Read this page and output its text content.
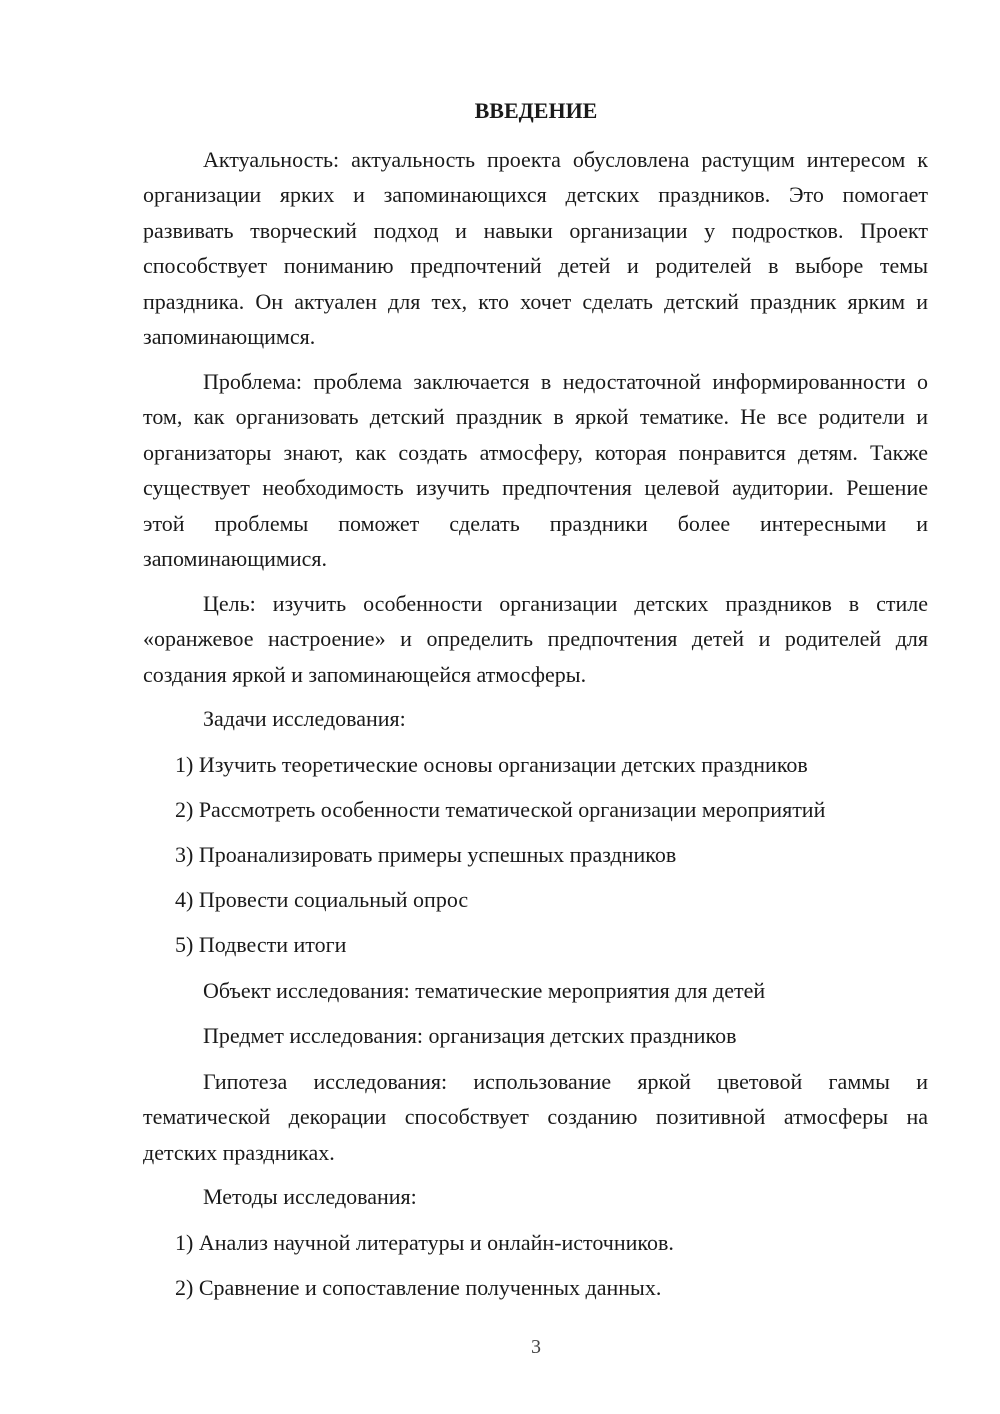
ВВЕДЕНИЕ

Актуальность: актуальность проекта обусловлена растущим интересом к организации ярких и запоминающихся детских праздников. Это помогает развивать творческий подход и навыки организации у подростков. Проект способствует пониманию предпочтений детей и родителей в выборе темы праздника. Он актуален для тех, кто хочет сделать детский праздник ярким и запоминающимся.

Проблема: проблема заключается в недостаточной информированности о том, как организовать детский праздник в яркой тематике. Не все родители и организаторы знают, как создать атмосферу, которая понравится детям. Также существует необходимость изучить предпочтения целевой аудитории. Решение этой проблемы поможет сделать праздники более интересными и запоминающимися.

Цель: изучить особенности организации детских праздников в стиле «оранжевое настроение» и определить предпочтения детей и родителей для создания яркой и запоминающейся атмосферы.

Задачи исследования:

1) Изучить теоретические основы организации детских праздников

2) Рассмотреть особенности тематической организации мероприятий

3) Проанализировать примеры успешных праздников

4) Провести социальный опрос

5) Подвести итоги

Объект исследования: тематические мероприятия для детей

Предмет исследования: организация детских праздников

Гипотеза исследования: использование яркой цветовой гаммы и тематической декорации способствует созданию позитивной атмосферы на детских праздниках.

Методы исследования:

1) Анализ научной литературы и онлайн-источников.

2) Сравнение и сопоставление полученных данных.

3
